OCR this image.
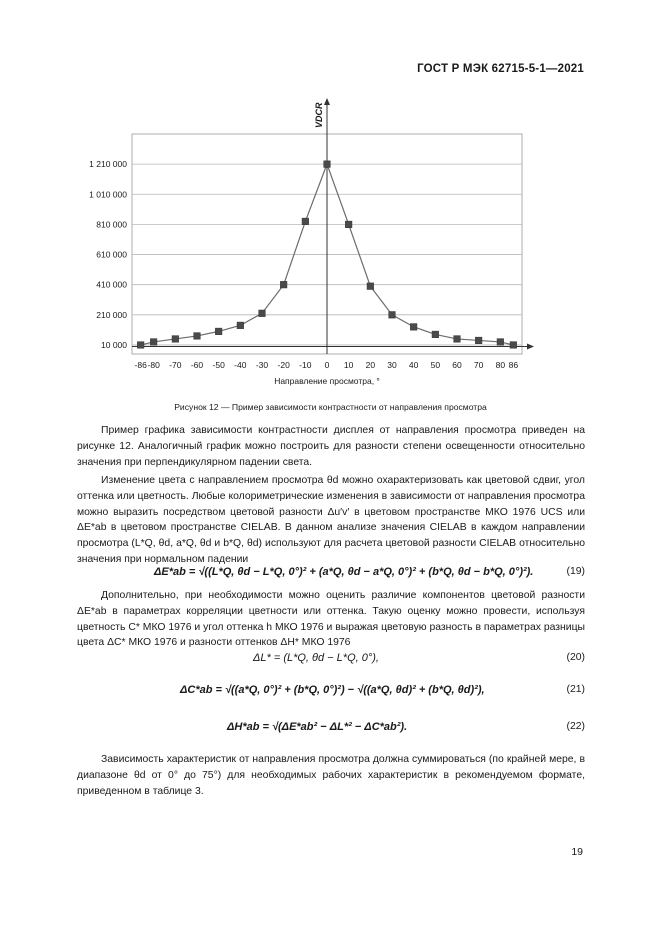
ГОСТ Р МЭК 62715-5-1—2021
10 000
210 000
410 000
610 000
810 000
1 010 000
1 210 000
VDCR
-86 -80 -70 -60 -50 -40 -30 -20 -10 0 10 20 30 40 50 60 70 80 86
Направление просмотра, °
Рисунок 12 — Пример зависимости контрастности от направления просмотра

Пример графика зависимости контрастности дисплея от направления просмотра приведен на рисунке 12. Аналогичный график можно построить для разности степени освещенности относительно значения при перпендикулярном падении света.

Изменение цвета с направлением просмотра θd можно охарактеризовать как цветовой сдвиг, угол оттенка или цветность. Любые колориметрические изменения в зависимости от направления просмотра можно выразить посредством цветовой разности Δu′v′ в цветовом пространстве МКО 1976 UCS или ΔE*ab в цветовом пространстве CIELAB. В данном анализе значения CIELAB в каждом направлении просмотра (L*Q, θd, a*Q, θd и b*Q, θd) используют для расчета цветовой разности CIELAB относительно значения при нормальном падении

ΔE*ab = √((L*Q, θd − L*Q, 0°)² + (a*Q, θd − a*Q, 0°)² + (b*Q, θd − b*Q, 0°)²).	(19)

Дополнительно, при необходимости можно оценить различие компонентов цветовой разности ΔE*ab в параметрах корреляции цветности или оттенка. Такую оценку можно провести, используя цветность C* МКО 1976 и угол оттенка h МКО 1976 и выражая цветовую разность в параметрах разницы цвета ΔC* МКО 1976 и разности оттенков ΔH* МКО 1976

ΔL* = (L*Q, θd − L*Q, 0°),	(20)
ΔC*ab = √((a*Q, 0°)² + (b*Q, 0°)²) − √((a*Q, θd)² + (b*Q, θd)²),	(21)
ΔH*ab = √(ΔE*ab² − ΔL*² − ΔC*ab²).	(22)

Зависимость характеристик от направления просмотра должна суммироваться (по крайней мере, в диапазоне θd от 0° до 75°) для необходимых рабочих характеристик в рекомендуемом формате, приведенном в таблице 3.

19
